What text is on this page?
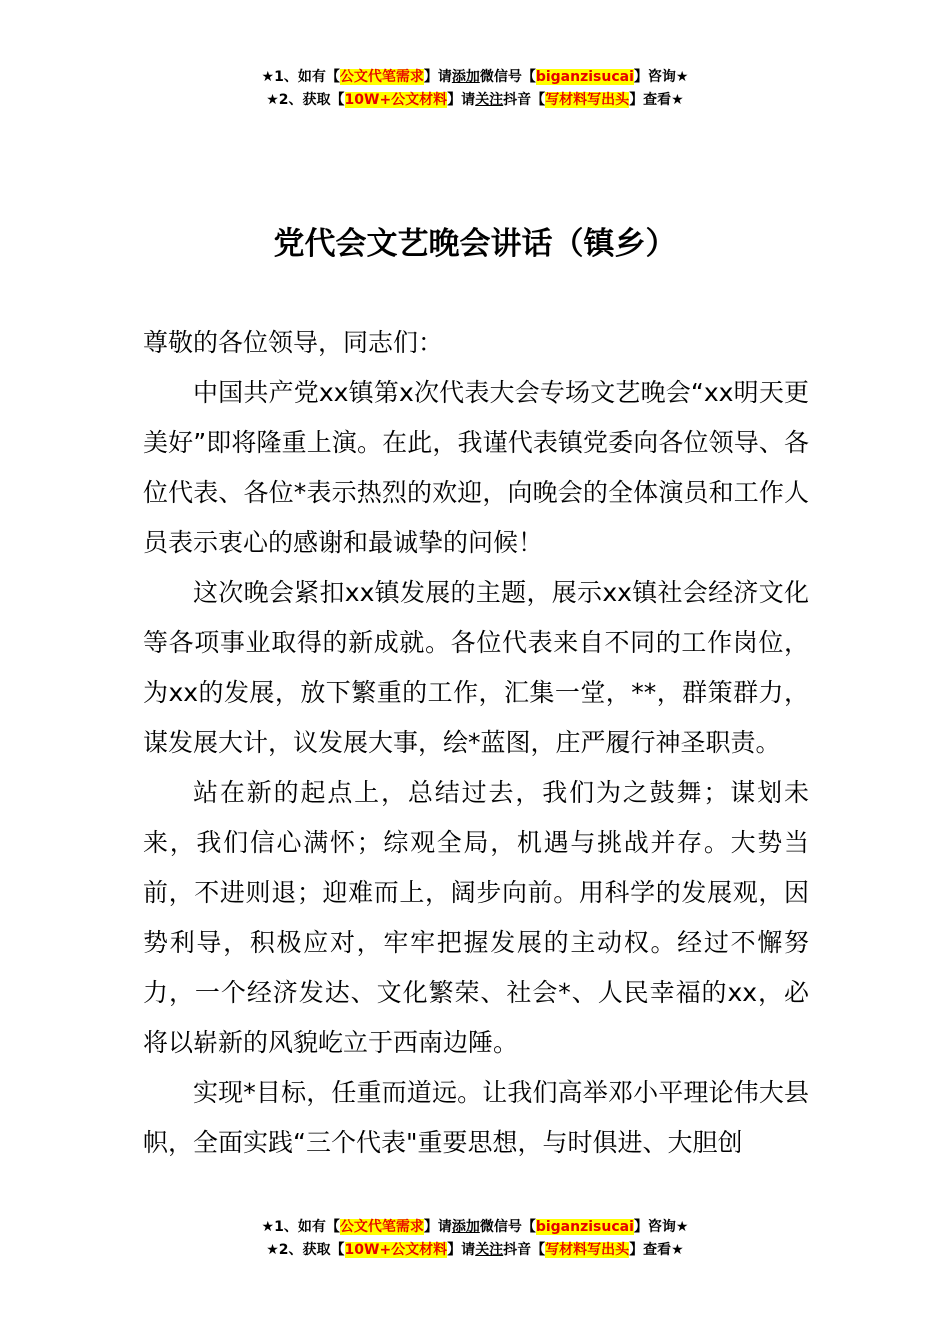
★1、如有【公文代笔需求】请添加微信号【biganzisucai】咨询★
★2、获取【10W+公文材料】请关注抖音【写材料写出头】查看★
党代会文艺晚会讲话（镇乡）

尊敬的各位领导，同志们：

中国共产党xx镇第x次代表大会专场文艺晚会“xx明天更美好”即将隆重上演。在此，我谨代表镇党委向各位领导、各位代表、各位*表示热烈的欢迎，向晚会的全体演员和工作人员表示衷心的感谢和最诚挚的问候！

这次晚会紧扣xx镇发展的主题，展示xx镇社会经济文化等各项事业取得的新成就。各位代表来自不同的工作岗位，为xx的发展，放下繁重的工作，汇集一堂，**，群策群力，谋发展大计，议发展大事，绘*蓝图，庄严履行神圣职责。

站在新的起点上，总结过去，我们为之鼓舞；谋划未来，我们信心满怀；综观全局，机遇与挑战并存。大势当前，不进则退；迎难而上，阔步向前。用科学的发展观，因势利导，积极应对，牢牢把握发展的主动权。经过不懈努力，一个经济发达、文化繁荣、社会*、人民幸福的xx，必将以崭新的风貌屹立于西南边陲。

实现*目标，任重而道远。让我们高举邓小平理论伟大县帜，全面实践“三个代表"重要思想，与时俱进、大胆创

★1、如有【公文代笔需求】请添加微信号【biganzisucai】咨询★
★2、获取【10W+公文材料】请关注抖音【写材料写出头】查看★
